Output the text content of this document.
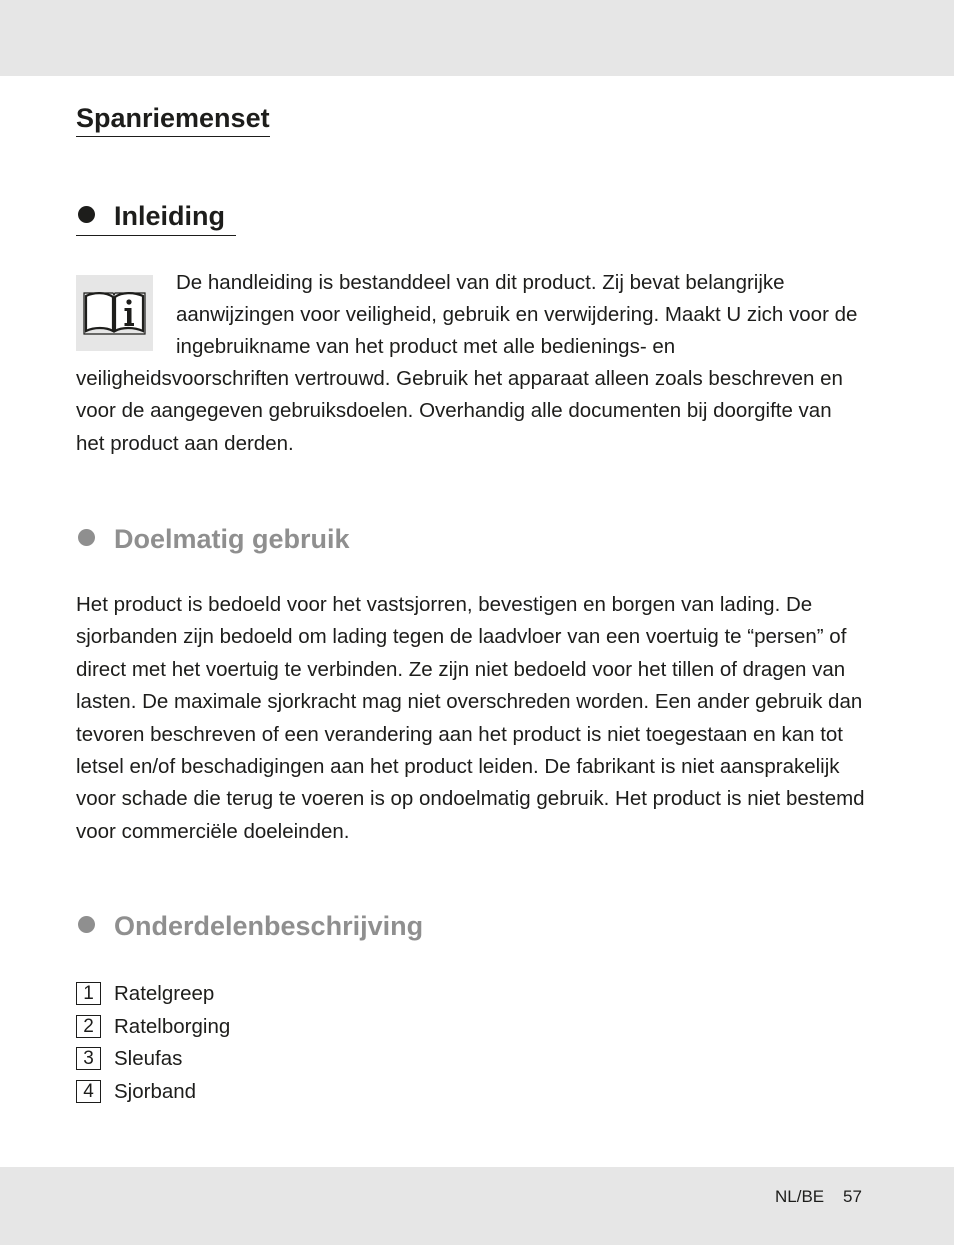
Spanriemenset
Inleiding
De handleiding is bestanddeel van dit product. Zij bevat belangrijke
aanwijzingen voor veiligheid, gebruik en verwijdering. Maakt U zich voor de
ingebruikname van het product met alle bedienings- en
veiligheidsvoorschriften vertrouwd. Gebruik het apparaat alleen zoals beschreven en
voor de aangegeven gebruiksdoelen. Overhandig alle documenten bij doorgifte van
het product aan derden.
Doelmatig gebruik
Het product is bedoeld voor het vastsjorren, bevestigen en borgen van lading. De
sjorbanden zijn bedoeld om lading tegen de laadvloer van een voertuig te “persen” of
direct met het voertuig te verbinden. Ze zijn niet bedoeld voor het tillen of dragen van
lasten. De maximale sjorkracht mag niet overschreden worden. Een ander gebruik dan
tevoren beschreven of een verandering aan het product is niet toegestaan en kan tot
letsel en/of beschadigingen aan het product leiden. De fabrikant is niet aansprakelijk
voor schade die terug te voeren is op ondoelmatig gebruik. Het product is niet bestemd
voor commerciële doeleinden.
Onderdelenbeschrijving
1 Ratelgreep
2 Ratelborging
3 Sleufas
4 Sjorband
NL/BE 57
